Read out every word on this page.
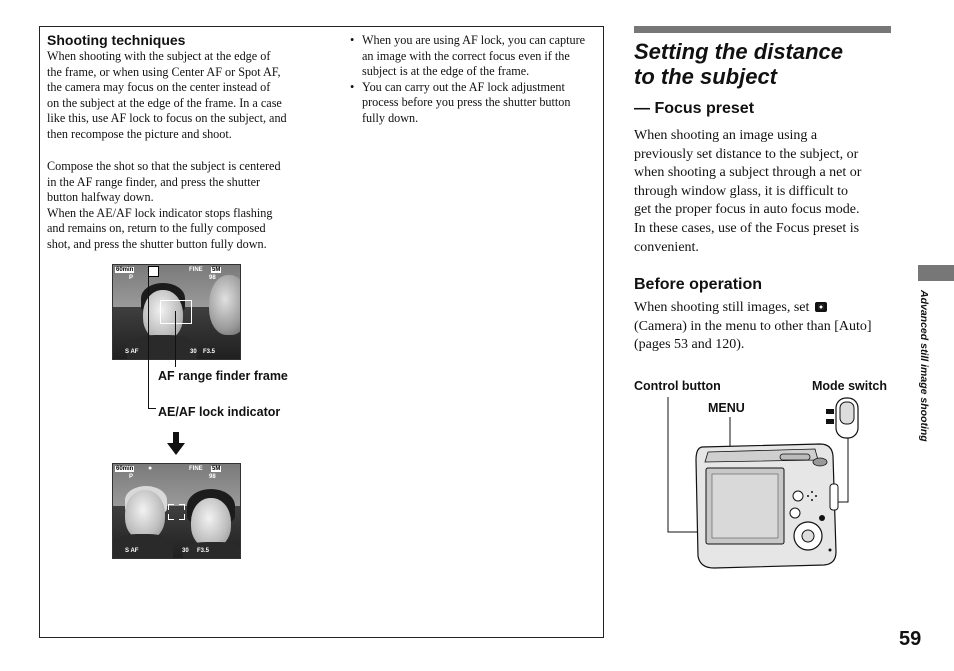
Shooting techniques
When shooting with the subject at the edge of
the frame, or when using Center AF or Spot AF,
the camera may focus on the center instead of
on the subject at the edge of the frame. In a case
like this, use AF lock to focus on the subject, and
then recompose the picture and shoot.
Compose the shot so that the subject is centered
in the AF range finder, and press the shutter
button halfway down.
When the AE/AF lock indicator stops flashing
and remains on, return to the fully composed
shot, and press the shutter button fully down.
• When you are using AF lock, you can capture an image with the correct focus even if the subject is at the edge of the frame.
• You can carry out the AF lock adjustment process before you press the shutter button fully down.
60min
P
FINE 5M
98
S AF	30 F3.5
AF range finder frame
AE/AF lock indicator
60min ●
P
FINE 5M
98
S AF	30 F3.5
Setting the distance
to the subject
— Focus preset
When shooting an image using a
previously set distance to the subject, or
when shooting a subject through a net or
through window glass, it is difficult to
get the proper focus in auto focus mode.
In these cases, use of the Focus preset is
convenient.
Before operation
When shooting still images, set
(Camera) in the menu to other than [Auto]
(pages 53 and 120).
Control button	Mode switch
MENU	Advanced still image shooting
59
